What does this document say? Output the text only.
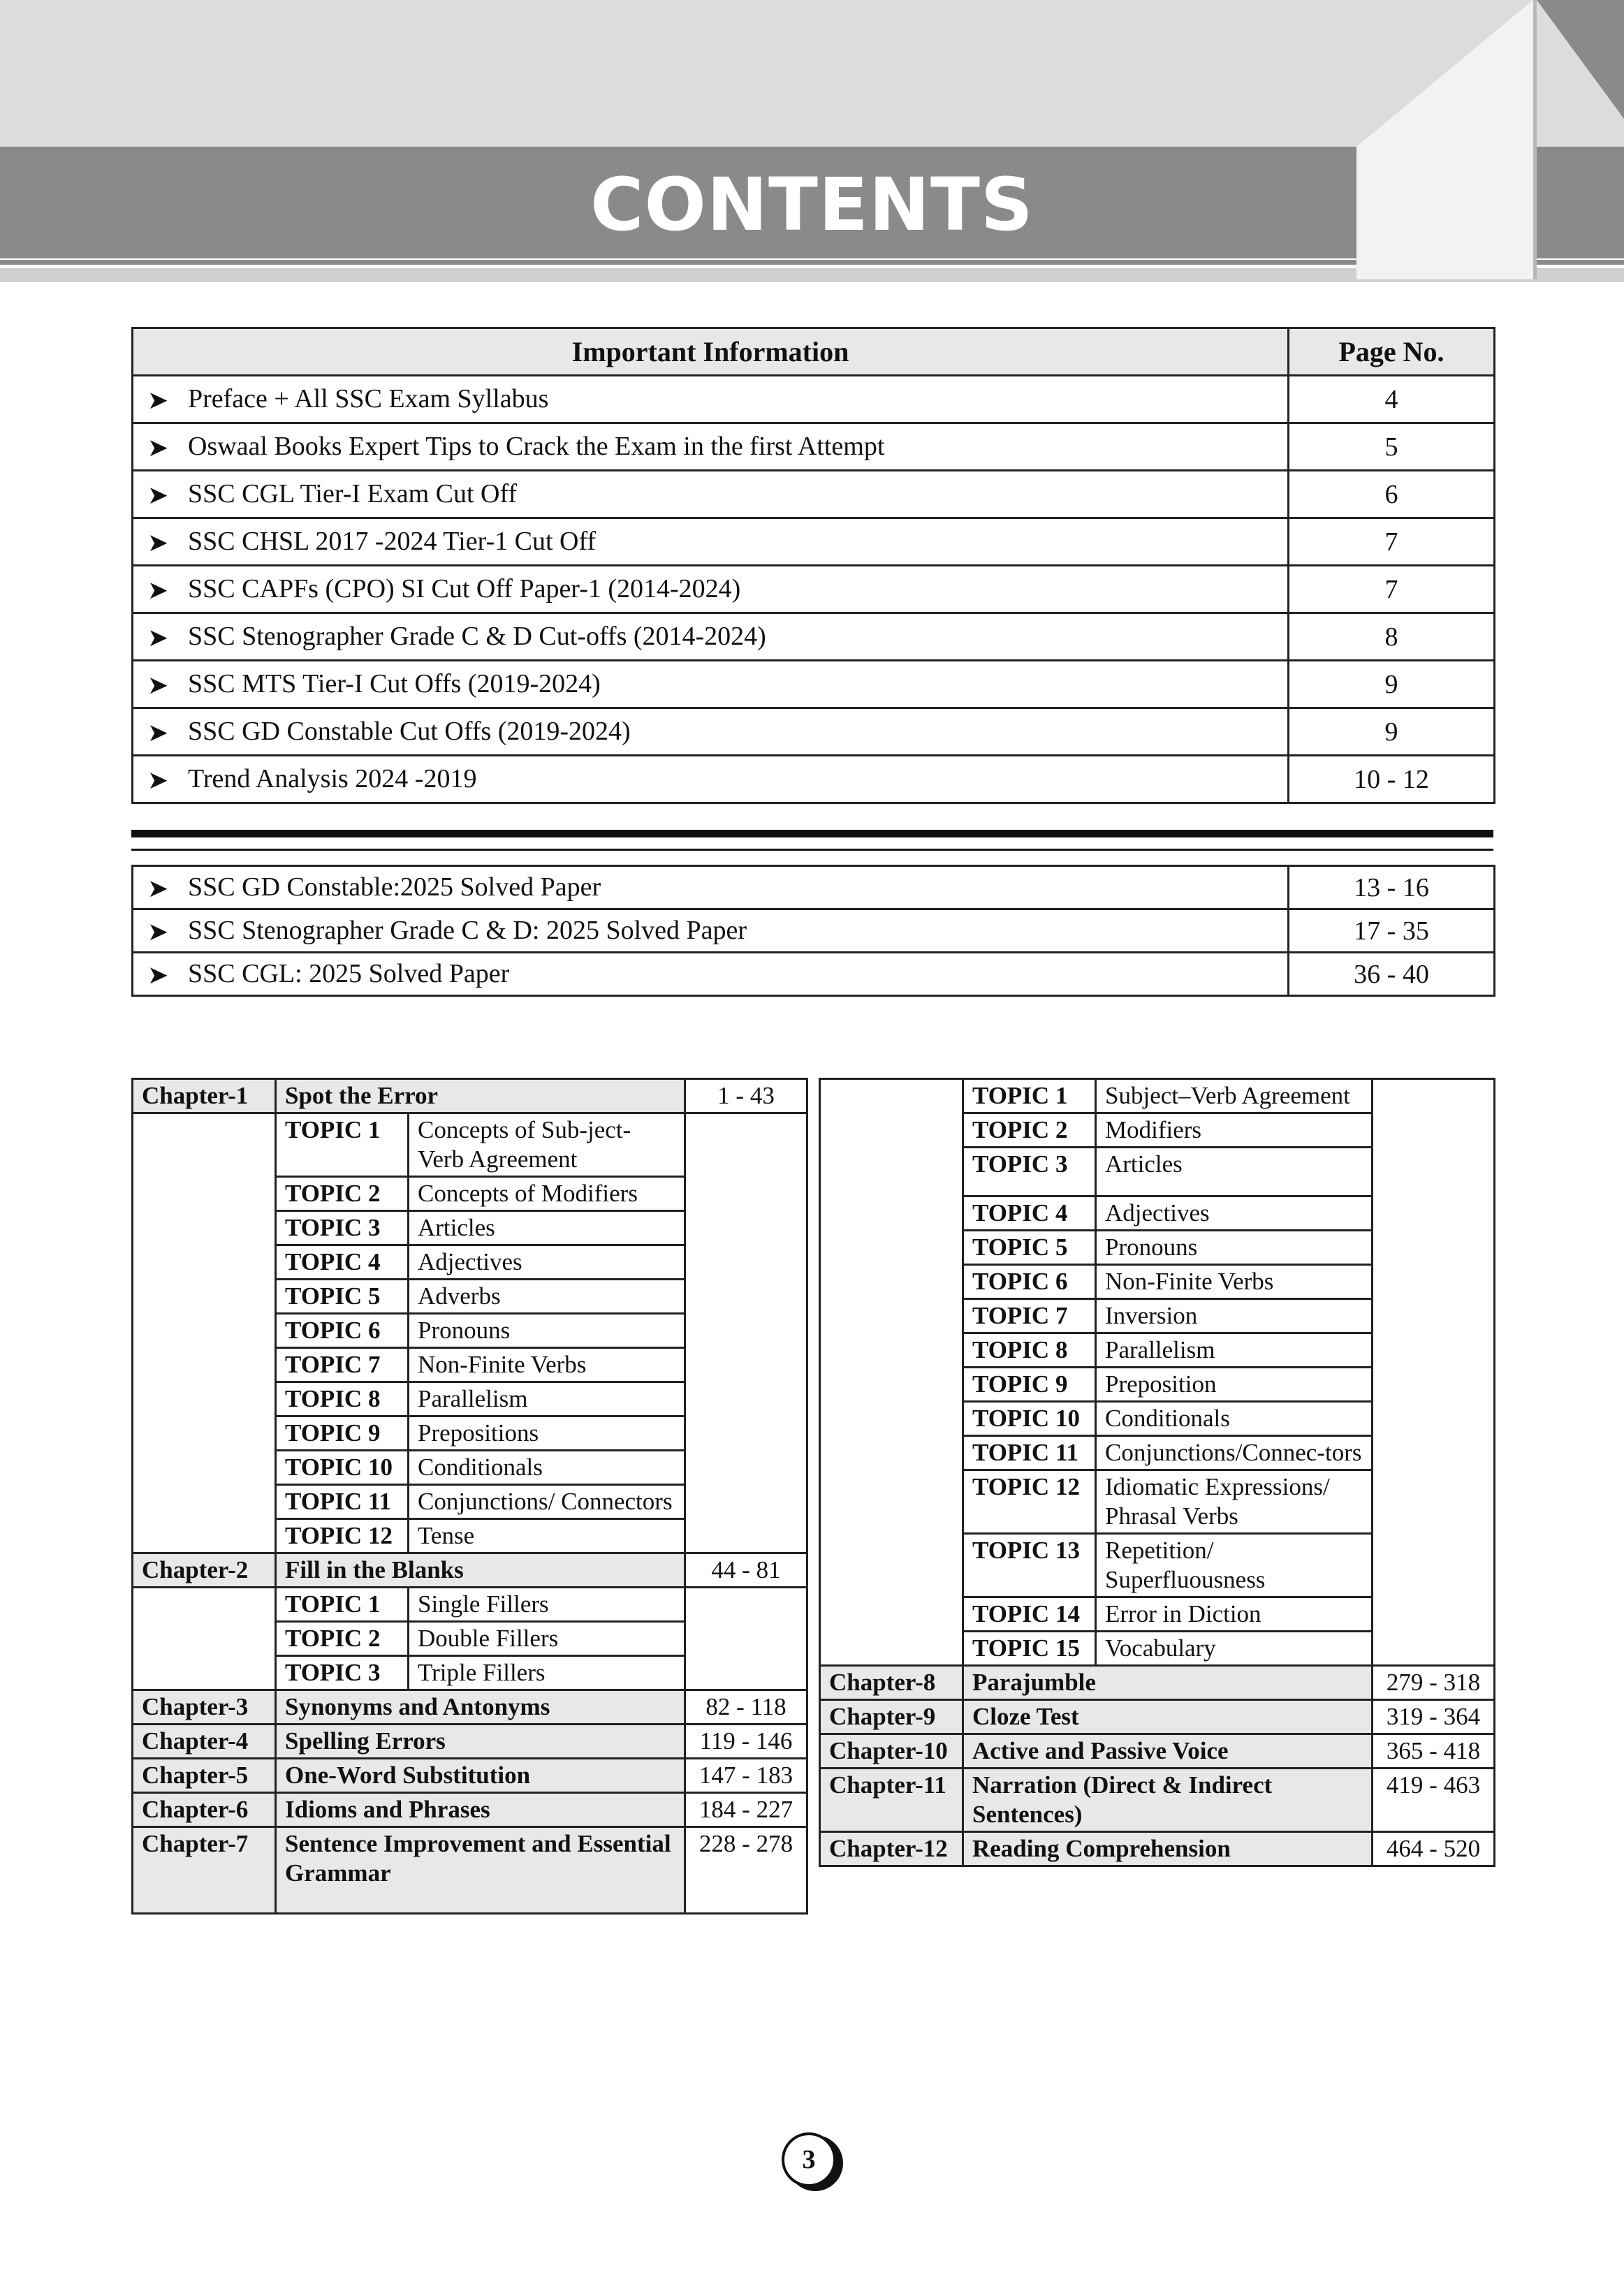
CONTENTS
Important Information	Page No.
➤ Preface + All SSC Exam Syllabus	4
➤ Oswaal Books Expert Tips to Crack the Exam in the first Attempt	5
➤ SSC CGL Tier-I Exam Cut Off	6
➤ SSC CHSL 2017 -2024 Tier-1 Cut Off	7
➤ SSC CAPFs (CPO) SI Cut Off Paper-1 (2014-2024)	7
➤ SSC Stenographer Grade C & D Cut-offs (2014-2024)	8
➤ SSC MTS Tier-I Cut Offs (2019-2024)	9
➤ SSC GD Constable Cut Offs (2019-2024)	9
➤ Trend Analysis 2024 -2019	10 - 12
➤ SSC GD Constable:2025 Solved Paper	13 - 16
➤ SSC Stenographer Grade C & D: 2025 Solved Paper	17 - 35
➤ SSC CGL: 2025 Solved Paper	36 - 40
Chapter-1	Spot the Error		1 - 43
	TOPIC 1	Concepts of Sub-ject-Verb Agreement	
	TOPIC 2	Concepts of Modifiers	
	TOPIC 3	Articles	
	TOPIC 4	Adjectives	
	TOPIC 5	Adverbs	
	TOPIC 6	Pronouns	
	TOPIC 7	Non-Finite Verbs	
	TOPIC 8	Parallelism	
	TOPIC 9	Prepositions	
	TOPIC 10	Conditionals	
	TOPIC 11	Conjunctions/ Connectors	
	TOPIC 12	Tense	
Chapter-2	Fill in the Blanks		44 - 81
	TOPIC 1	Single Fillers	
	TOPIC 2	Double Fillers	
	TOPIC 3	Triple Fillers	
Chapter-3	Synonyms and Antonyms		82 - 118
Chapter-4	Spelling Errors		119 - 146
Chapter-5	One-Word Substitution		147 - 183
Chapter-6	Idioms and Phrases		184 - 227
Chapter-7	Sentence Improvement and Essential Grammar		228 - 278
	TOPIC 1	Subject–Verb Agreement	
	TOPIC 2	Modifiers	
	TOPIC 3	Articles	
	TOPIC 4	Adjectives	
	TOPIC 5	Pronouns	
	TOPIC 6	Non-Finite Verbs	
	TOPIC 7	Inversion	
	TOPIC 8	Parallelism	
	TOPIC 9	Preposition	
	TOPIC 10	Conditionals	
	TOPIC 11	Conjunctions/Connec-tors	
	TOPIC 12	Idiomatic Expressions/ Phrasal Verbs	
	TOPIC 13	Repetition/ Superfluousness	
	TOPIC 14	Error in Diction	
	TOPIC 15	Vocabulary	
Chapter-8	Parajumble		279 - 318
Chapter-9	Cloze Test		319 - 364
Chapter-10	Active and Passive Voice		365 - 418
Chapter-11	Narration (Direct & Indirect Sentences)		419 - 463
Chapter-12	Reading Comprehension		464 - 520
3
